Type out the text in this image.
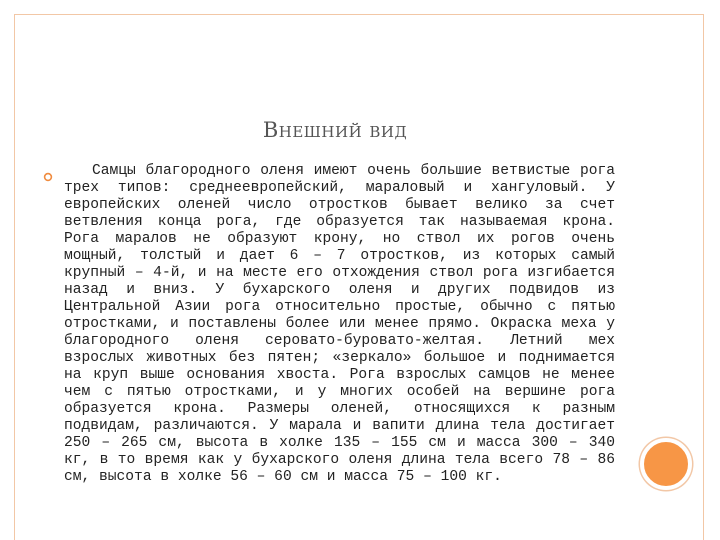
Внешний вид

Самцы благородного оленя имеют очень большие ветвистые рога трех типов: среднеевропейский, мараловый и хангуловый. У европейских оленей число отростков бывает велико за счет ветвления конца рога, где образуется так называемая крона. Рога маралов не образуют крону, но ствол их рогов очень мощный, толстый и дает 6 – 7 отростков, из которых самый крупный – 4-й, и на месте его отхождения ствол рога изгибается назад и вниз. У бухарского оленя и других подвидов из Центральной Азии рога относительно простые, обычно с пятью отростками, и поставлены более или менее прямо. Окраска меха у благородного оленя серовато-буровато-желтая. Летний мех взрослых животных без пятен; «зеркало» большое и поднимается на круп выше основания хвоста. Рога взрослых самцов не менее чем с пятью отростками, и у многих особей на вершине рога образуется крона. Размеры оленей, относящихся к разным подвидам, различаются. У марала и вапити длина тела достигает 250 – 265 см, высота в холке 135 – 155 см и масса 300 – 340 кг, в то время как у бухарского оленя длина тела всего 78 – 86 см, высота в холке 56 – 60 см и масса 75 – 100 кг.
